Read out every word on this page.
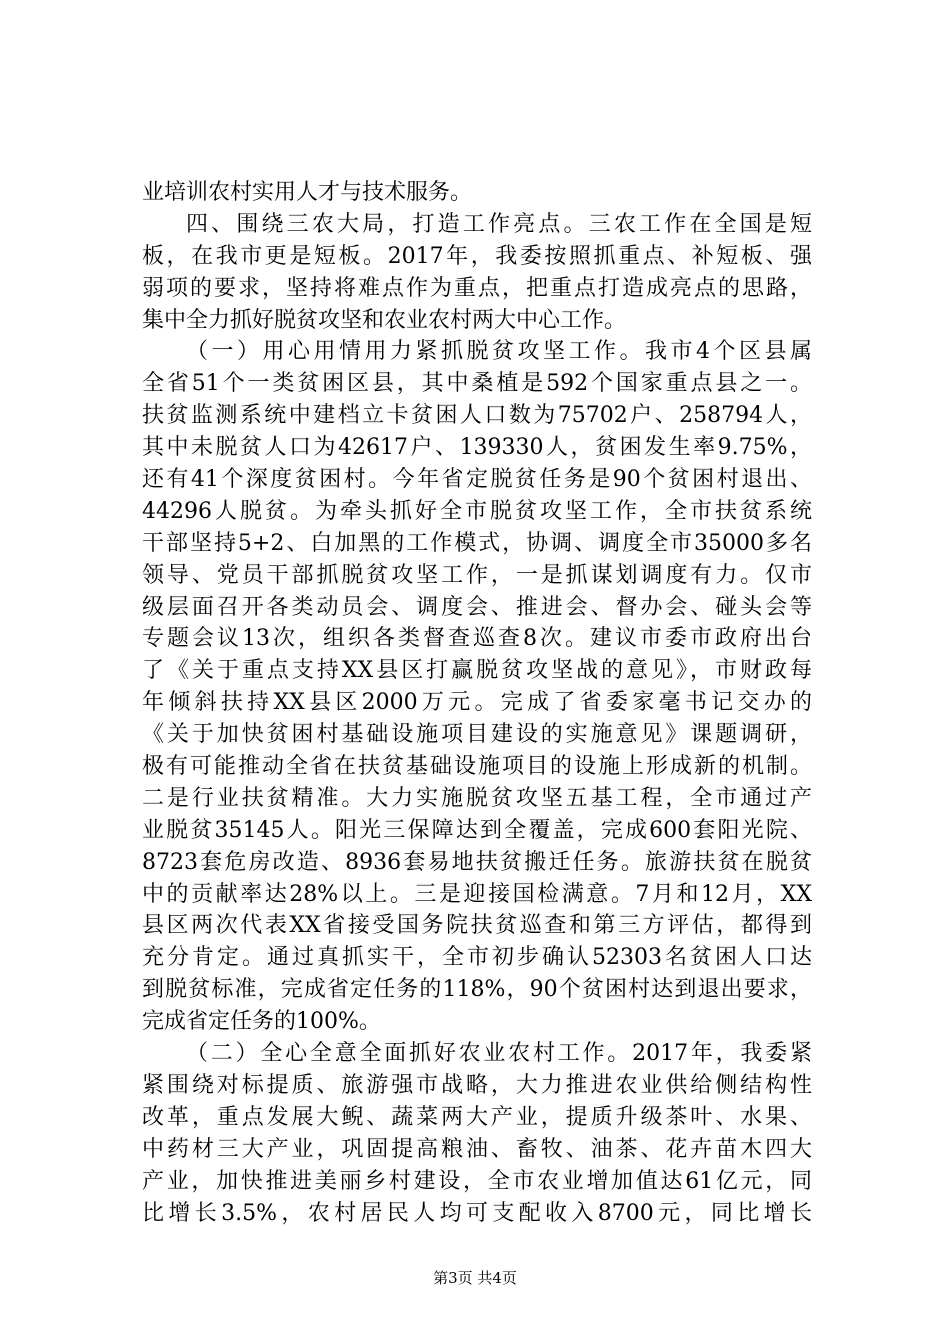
业培训农村实用人才与技术服务。
四、围绕三农大局，打造工作亮点。三农工作在全国是短
板，在我市更是短板。2017年，我委按照抓重点、补短板、强
弱项的要求，坚持将难点作为重点，把重点打造成亮点的思路，
集中全力抓好脱贫攻坚和农业农村两大中心工作。
（一）用心用情用力紧抓脱贫攻坚工作。我市4个区县属
全省51个一类贫困区县，其中桑植是592个国家重点县之一。
扶贫监测系统中建档立卡贫困人口数为75702户、258794人，
其中未脱贫人口为42617户、139330人，贫困发生率9.75%，
还有41个深度贫困村。今年省定脱贫任务是90个贫困村退出、
44296人脱贫。为牵头抓好全市脱贫攻坚工作，全市扶贫系统
干部坚持5+2、白加黑的工作模式，协调、调度全市35000多名
领导、党员干部抓脱贫攻坚工作，一是抓谋划调度有力。仅市
级层面召开各类动员会、调度会、推进会、督办会、碰头会等
专题会议13次，组织各类督查巡查8次。建议市委市政府出台
了《关于重点支持XX县区打赢脱贫攻坚战的意见》，市财政每
年倾斜扶持XX县区2000万元。完成了省委家毫书记交办的
《关于加快贫困村基础设施项目建设的实施意见》课题调研，
极有可能推动全省在扶贫基础设施项目的设施上形成新的机制。
二是行业扶贫精准。大力实施脱贫攻坚五基工程，全市通过产
业脱贫35145人。阳光三保障达到全覆盖，完成600套阳光院、
8723套危房改造、8936套易地扶贫搬迁任务。旅游扶贫在脱贫
中的贡献率达28%以上。三是迎接国检满意。7月和12月，XX
县区两次代表XX省接受国务院扶贫巡查和第三方评估，都得到
充分肯定。通过真抓实干，全市初步确认52303名贫困人口达
到脱贫标准，完成省定任务的118%，90个贫困村达到退出要求，
完成省定任务的100%。
（二）全心全意全面抓好农业农村工作。2017年，我委紧
紧围绕对标提质、旅游强市战略，大力推进农业供给侧结构性
改革，重点发展大鲵、蔬菜两大产业，提质升级茶叶、水果、
中药材三大产业，巩固提高粮油、畜牧、油茶、花卉苗木四大
产业，加快推进美丽乡村建设，全市农业增加值达61亿元，同
比增长3.5%，农村居民人均可支配收入8700元，同比增长
第3页 共4页
